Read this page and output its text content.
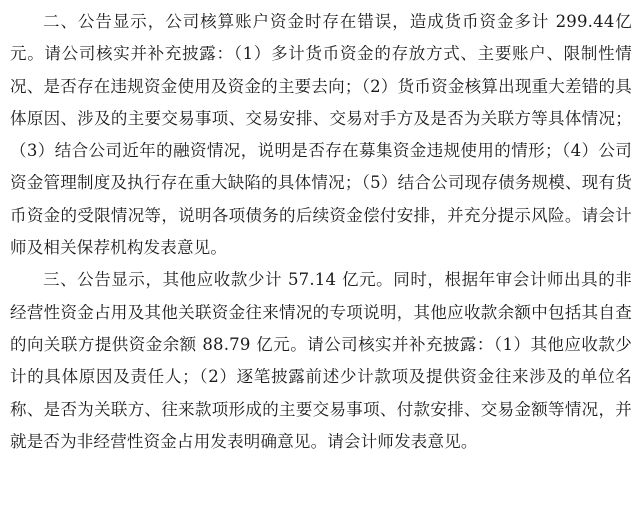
二、公告显示，公司核算账户资金时存在错误，造成货币资金多计 299.44亿元。请公司核实并补充披露：（1）多计货币资金的存放方式、主要账户、限制性情况、是否存在违规资金使用及资金的主要去向；（2）货币资金核算出现重大差错的具体原因、涉及的主要交易事项、交易安排、交易对手方及是否为关联方等具体情况；（3）结合公司近年的融资情况，说明是否存在募集资金违规使用的情形；（4）公司资金管理制度及执行存在重大缺陷的具体情况；（5）结合公司现存债务规模、现有货币资金的受限情况等，说明各项债务的后续资金偿付安排，并充分提示风险。请会计师及相关保荐机构发表意见。

三、公告显示，其他应收款少计 57.14 亿元。同时，根据年审会计师出具的非经营性资金占用及其他关联资金往来情况的专项说明，其他应收款余额中包括其自查的向关联方提供资金余额 88.79 亿元。请公司核实并补充披露：（1）其他应收款少计的具体原因及责任人；（2）逐笔披露前述少计款项及提供资金往来涉及的单位名称、是否为关联方、往来款项形成的主要交易事项、付款安排、交易金额等情况，并就是否为非经营性资金占用发表明确意见。请会计师发表意见。
